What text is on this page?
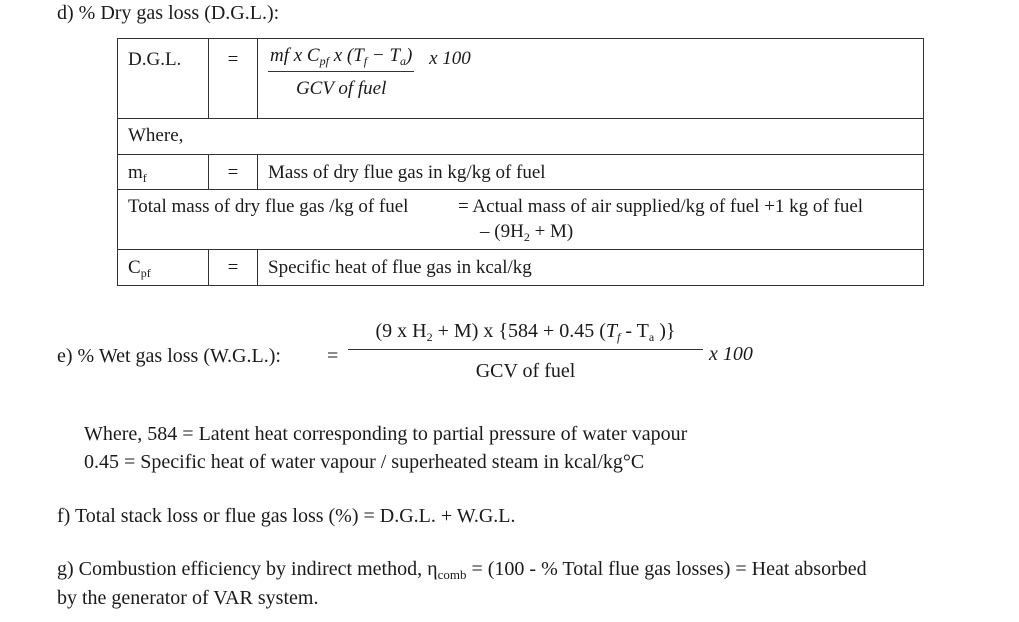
d) % Dry gas loss (D.G.L.):
D.G.L.	=	$\frac{mf x C_{pf} x (T_f - T_a)}{\text{GCV of fuel}}$ x 100
Where,		
$m_f$	=	Mass of dry flue gas in kg/kg of fuel
Total mass of dry flue gas /kg of fuel = Actual mass of air supplied/kg of fuel +1 kg of fuel
– $(9H_2 + M)$		

$C_{pf}$	=	Specific heat of flue gas in kcal/kg
e) % Wet gas loss (W.G.L.): =
(9 x $H_2 + M$) x {584 + 0.45 ($T_f - T_a$ )}
GCV of fuel
x 100
Where, 584 = Latent heat corresponding to partial pressure of water vapour
0.45 = Specific heat of water vapour / superheated steam in kcal/kg°C
f) Total stack loss or flue gas loss (%) = D.G.L. + W.G.L.
g) Combustion efficiency by indirect method, $\eta_{comb} = (100$ - % Total flue gas losses) = Heat absorbed
by the generator of VAR system.
